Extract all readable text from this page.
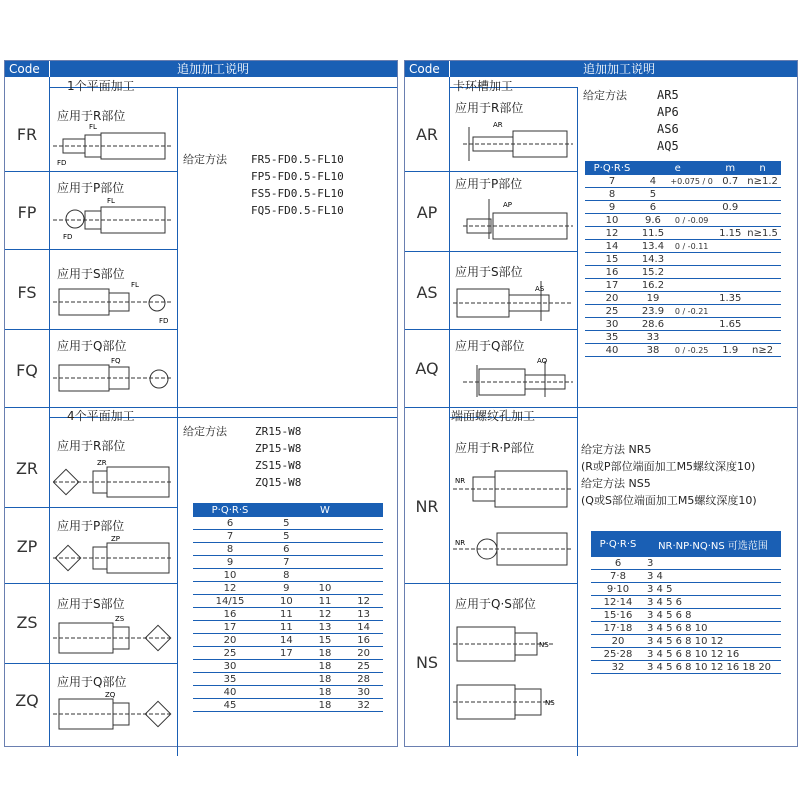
Code	追加加工说明
1个平面加工
4个平面加工
FR
应用于R部位
FP
应用于P部位
FS
应用于S部位
FQ
应用于Q部位
给定方法 FR5-FD0.5-FL10
FP5-FD0.5-FL10
FS5-FD0.5-FL10
FQ5-FD0.5-FL10
FL
FD
FL
FD
FL
FD
FQ
ZR
应用于R部位
ZP
应用于P部位
ZS
应用于S部位
ZQ
应用于Q部位
给定方法	ZR15-W8
ZP15-W8
ZS15-W8
ZQ15-W8
ZR
ZP
ZS
ZQ
P·Q·R·S	W		
6	5		
7	5		
8	6		
9	7		
10	8		
12	9	10	
14/15	10	11	12
16	11	12	13
17	11	13	14
20	14	15	16
25	17	18	20
30		18	25
35		18	28
40		18	30
45		18	32
Code	追加加工说明
卡环槽加工
端面螺纹孔加工
AR
应用于R部位
AP
应用于P部位
AS
应用于S部位
AQ
应用于Q部位
给定方法	AR5
AP6
AS6
AQ5
AR
AP
AS
AQ
P·Q·R·S	e		m	n
7	4	+0.075 / 0	0.7	n≥1.2
8	5			
9	6		0.9	
10	9.6	0 / -0.09		
12	11.5		1.15	n≥1.5
14	13.4	0 / -0.11		
15	14.3			
16	15.2			
17	16.2			
20	19		1.35	
25	23.9	0 / -0.21		
30	28.6		1.65	
35	33			
40	38	0 / -0.25	1.9	n≥2
NR
应用于R·P部位
NS
应用于Q·S部位
NR
NR
NS
NS
给定方法 NR5
(R或P部位端面加工M5螺纹深度10)
给定方法 NS5
(Q或S部位端面加工M5螺纹深度10)
P·Q·R·S	NR·NP·NQ·NS 可选范围
6	3
7·8	3 4
9·10	3 4 5
12·14	3 4 5 6
15·16	3 4 5 6 8
17·18	3 4 5 6 8 10
20	3 4 5 6 8 10 12
25·28	3 4 5 6 8 10 12 16
32	3 4 5 6 8 10 12 16 18 20
